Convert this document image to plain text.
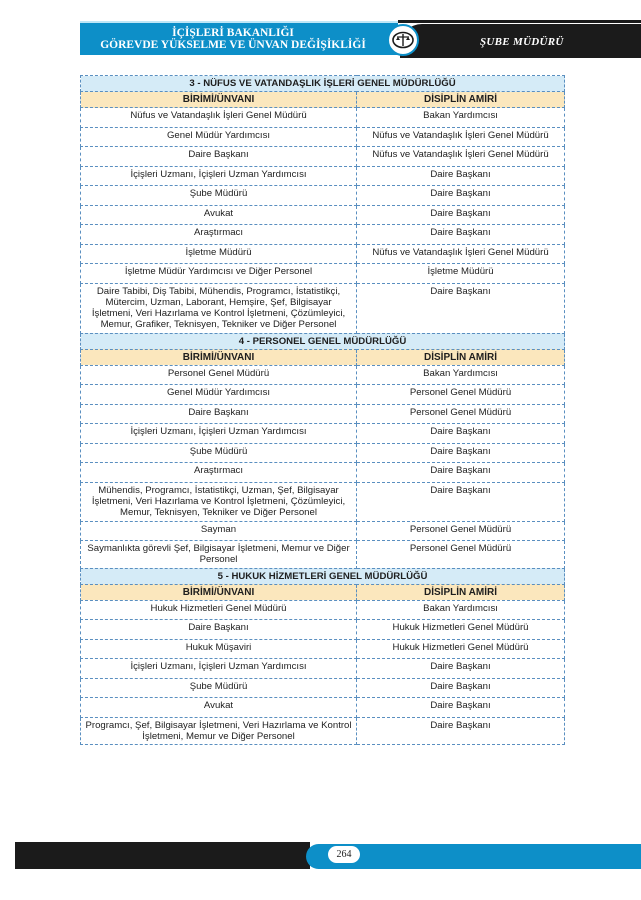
İÇİŞLERİ BAKANLIĞI
GÖREVDE YÜKSELME VE ÜNVAN DEĞİŞİKLİĞİ	ŞUBE MÜDÜRÜ
3 - NÜFUS VE VATANDAŞLIK İŞLERİ GENEL MÜDÜRLÜĞÜ	
BİRİMİ/ÜNVANI	DİSİPLİN AMİRİ
Nüfus ve Vatandaşlık İşleri Genel Müdürü	Bakan Yardımcısı
Genel Müdür Yardımcısı	Nüfus ve Vatandaşlık İşleri Genel Müdürü
Daire Başkanı	Nüfus ve Vatandaşlık İşleri Genel Müdürü
İçişleri Uzmanı, İçişleri Uzman Yardımcısı	Daire Başkanı
Şube Müdürü	Daire Başkanı
Avukat	Daire Başkanı
Araştırmacı	Daire Başkanı
İşletme Müdürü	Nüfus ve Vatandaşlık İşleri Genel Müdürü
İşletme Müdür Yardımcısı ve Diğer Personel	İşletme Müdürü
Daire Tabibi, Diş Tabibi, Mühendis, Programcı, İstatistikçi, Mütercim, Uzman, Laborant, Hemşire, Şef, Bilgisayar İşletmeni, Veri Hazırlama ve Kontrol İşletmeni, Çözümleyici, Memur, Grafiker, Teknisyen, Tekniker ve Diğer Personel	Daire Başkanı
4 - PERSONEL GENEL MÜDÜRLÜĞÜ	
BİRİMİ/ÜNVANI	DİSİPLİN AMİRİ
Personel Genel Müdürü	Bakan Yardımcısı
Genel Müdür Yardımcısı	Personel Genel Müdürü
Daire Başkanı	Personel Genel Müdürü
İçişleri Uzmanı, İçişleri Uzman Yardımcısı	Daire Başkanı
Şube Müdürü	Daire Başkanı
Araştırmacı	Daire Başkanı
Mühendis, Programcı, İstatistikçi, Uzman, Şef, Bilgisayar İşletmeni, Veri Hazırlama ve Kontrol İşletmeni, Çözümleyici, Memur, Teknisyen, Tekniker ve Diğer Personel	Daire Başkanı
Sayman	Personel Genel Müdürü
Saymanlıkta görevli Şef, Bilgisayar İşletmeni, Memur ve Diğer Personel	Personel Genel Müdürü
5 - HUKUK HİZMETLERİ GENEL MÜDÜRLÜĞÜ	
BİRİMİ/ÜNVANI	DİSİPLİN AMİRİ
Hukuk Hizmetleri Genel Müdürü	Bakan Yardımcısı
Daire Başkanı	Hukuk Hizmetleri Genel Müdürü
Hukuk Müşaviri	Hukuk Hizmetleri Genel Müdürü
İçişleri Uzmanı, İçişleri Uzman Yardımcısı	Daire Başkanı
Şube Müdürü	Daire Başkanı
Avukat	Daire Başkanı
Programcı, Şef, Bilgisayar İşletmeni, Veri Hazırlama ve Kontrol İşletmeni, Memur ve Diğer Personel	Daire Başkanı
264
